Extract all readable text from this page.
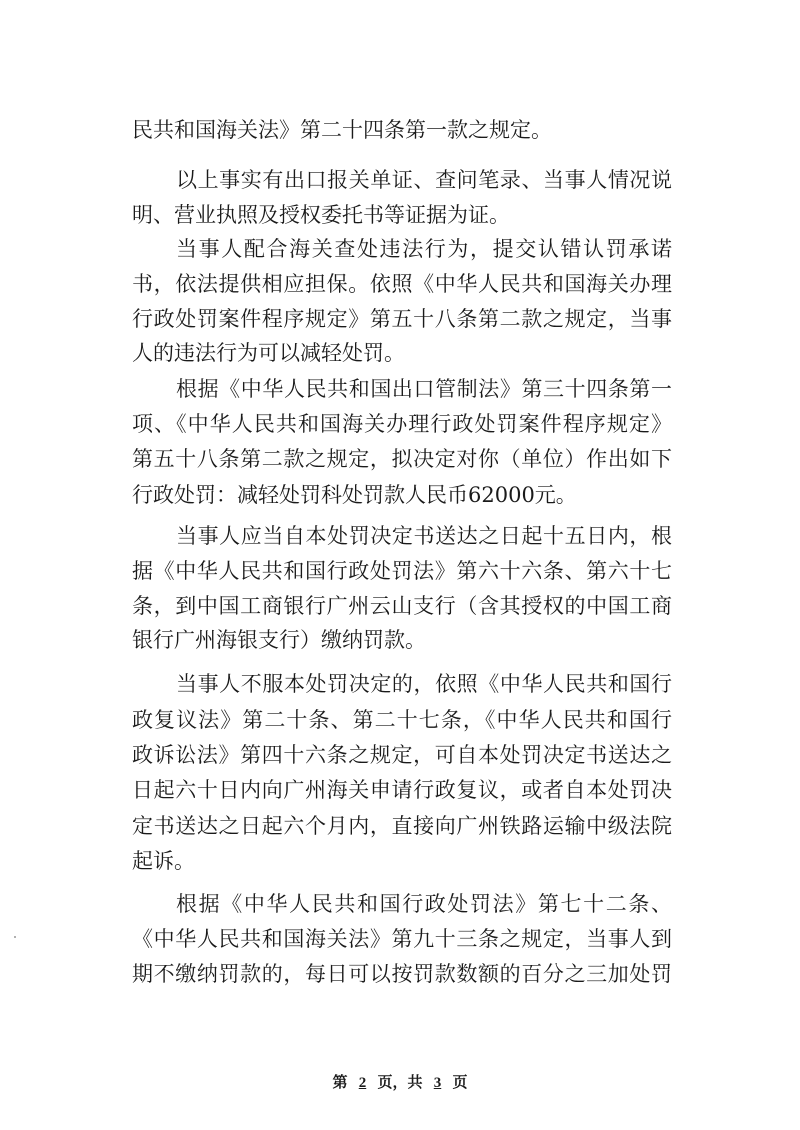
民共和国海关法》第二十四条第一款之规定。
以上事实有出口报关单证、查问笔录、当事人情况说
明、营业执照及授权委托书等证据为证。
当事人配合海关查处违法行为，提交认错认罚承诺
书，依法提供相应担保。依照《中华人民共和国海关办理
行政处罚案件程序规定》第五十八条第二款之规定，当事
人的违法行为可以减轻处罚。
根据《中华人民共和国出口管制法》第三十四条第一
项、《中华人民共和国海关办理行政处罚案件程序规定》
第五十八条第二款之规定，拟决定对你（单位）作出如下
行政处罚：减轻处罚科处罚款人民币62000元。
当事人应当自本处罚决定书送达之日起十五日内，根
据《中华人民共和国行政处罚法》第六十六条、第六十七
条，到中国工商银行广州云山支行（含其授权的中国工商
银行广州海银支行）缴纳罚款。
当事人不服本处罚决定的，依照《中华人民共和国行
政复议法》第二十条、第二十七条，《中华人民共和国行
政诉讼法》第四十六条之规定，可自本处罚决定书送达之
日起六十日内向广州海关申请行政复议，或者自本处罚决
定书送达之日起六个月内，直接向广州铁路运输中级法院
起诉。
根据《中华人民共和国行政处罚法》第七十二条、
《中华人民共和国海关法》第九十三条之规定，当事人到
期不缴纳罚款的，每日可以按罚款数额的百分之三加处罚
第 2 页，共 3 页
